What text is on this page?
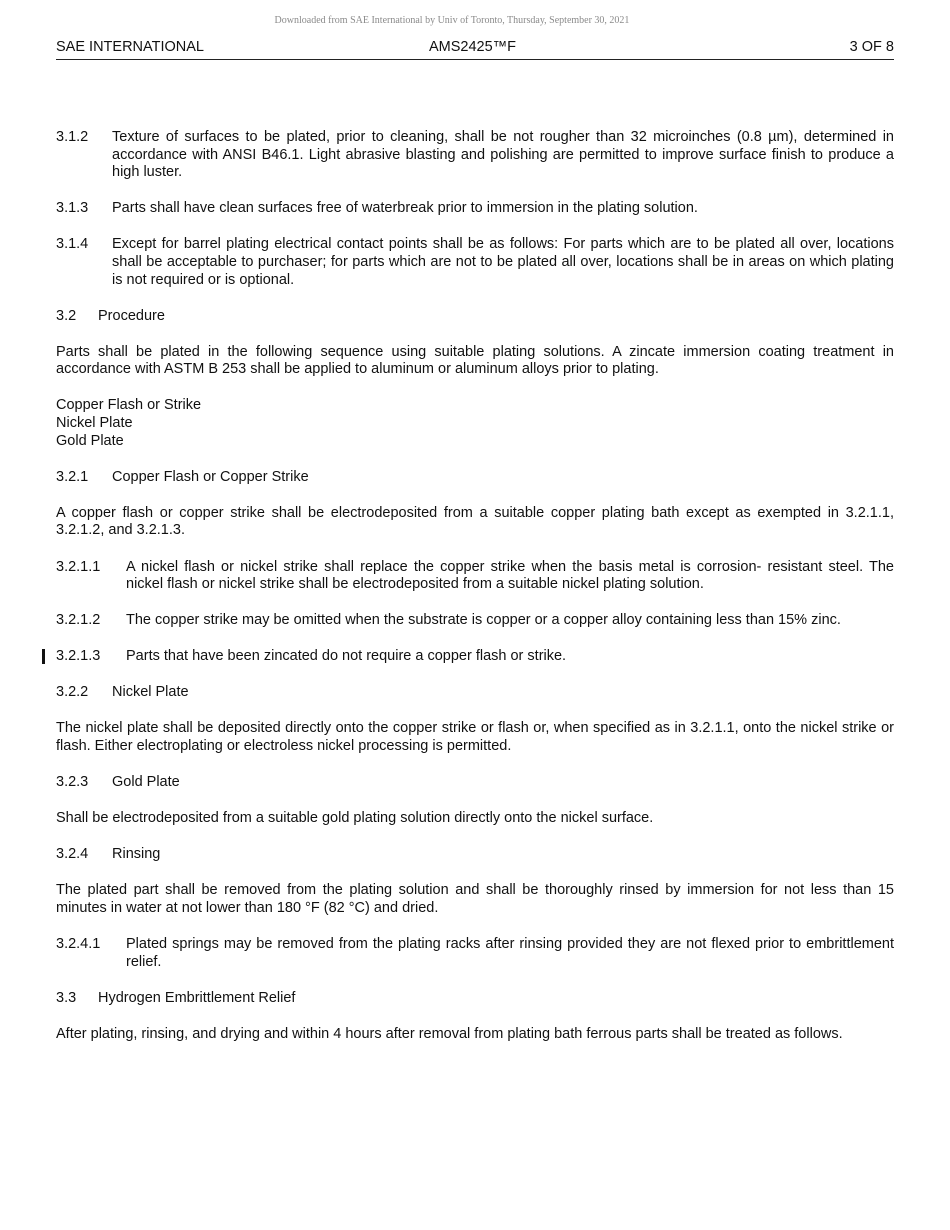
Downloaded from SAE International by Univ of Toronto, Thursday, September 30, 2021
SAE INTERNATIONAL	AMS2425™F	3 OF 8
3.1.2 Texture of surfaces to be plated, prior to cleaning, shall be not rougher than 32 microinches (0.8 µm), determined in accordance with ANSI B46.1. Light abrasive blasting and polishing are permitted to improve surface finish to produce a high luster.
3.1.3 Parts shall have clean surfaces free of waterbreak prior to immersion in the plating solution.
3.1.4 Except for barrel plating electrical contact points shall be as follows: For parts which are to be plated all over, locations shall be acceptable to purchaser; for parts which are not to be plated all over, locations shall be in areas on which plating is not required or is optional.
3.2 Procedure
Parts shall be plated in the following sequence using suitable plating solutions. A zincate immersion coating treatment in accordance with ASTM B 253 shall be applied to aluminum or aluminum alloys prior to plating.
Copper Flash or Strike
Nickel Plate
Gold Plate
3.2.1 Copper Flash or Copper Strike
A copper flash or copper strike shall be electrodeposited from a suitable copper plating bath except as exempted in 3.2.1.1, 3.2.1.2, and 3.2.1.3.
3.2.1.1 A nickel flash or nickel strike shall replace the copper strike when the basis metal is corrosion- resistant steel. The nickel flash or nickel strike shall be electrodeposited from a suitable nickel plating solution.
3.2.1.2 The copper strike may be omitted when the substrate is copper or a copper alloy containing less than 15% zinc.
3.2.1.3 Parts that have been zincated do not require a copper flash or strike.
3.2.2 Nickel Plate
The nickel plate shall be deposited directly onto the copper strike or flash or, when specified as in 3.2.1.1, onto the nickel strike or flash. Either electroplating or electroless nickel processing is permitted.
3.2.3 Gold Plate
Shall be electrodeposited from a suitable gold plating solution directly onto the nickel surface.
3.2.4 Rinsing
The plated part shall be removed from the plating solution and shall be thoroughly rinsed by immersion for not less than 15 minutes in water at not lower than 180 °F (82 °C) and dried.
3.2.4.1 Plated springs may be removed from the plating racks after rinsing provided they are not flexed prior to embrittlement relief.
3.3 Hydrogen Embrittlement Relief
After plating, rinsing, and drying and within 4 hours after removal from plating bath ferrous parts shall be treated as follows.
